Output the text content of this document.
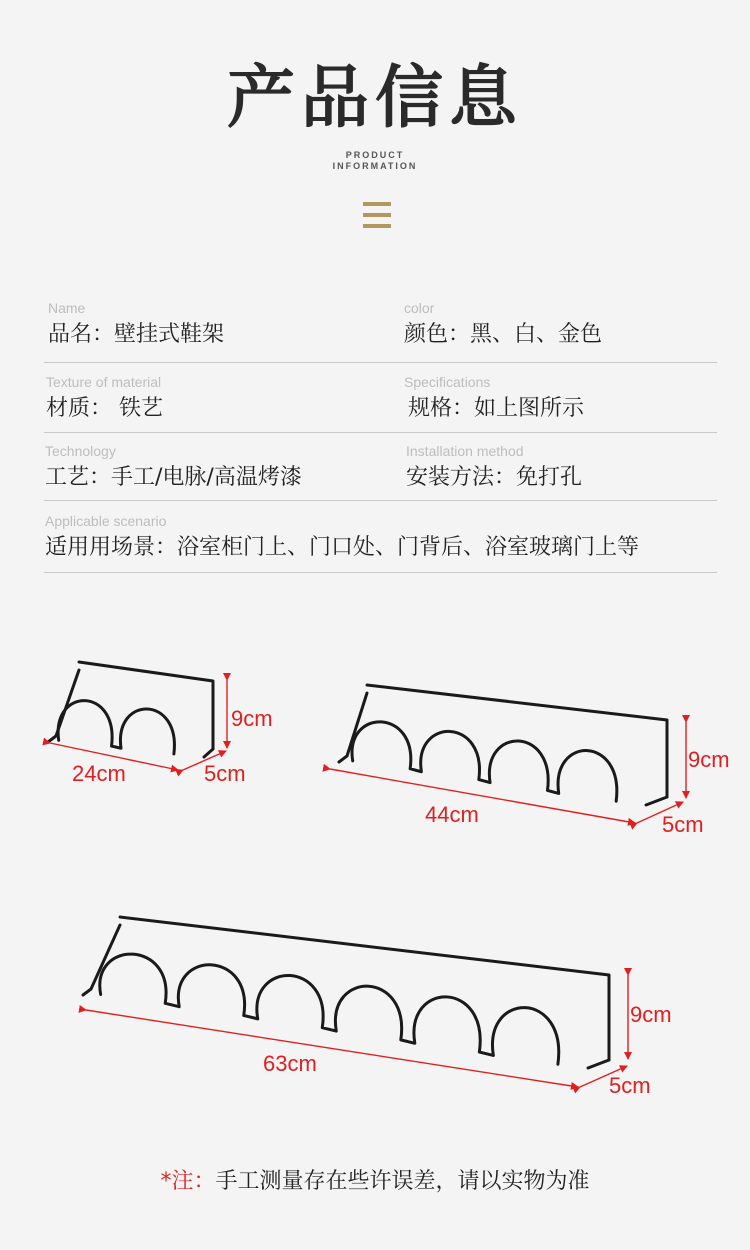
产品信息
PRODUCT
INFORMATION
Name
品名：壁挂式鞋架
color
颜色：黑、白、金色
Texture of material
材质： 铁艺
Specifications
规格：如上图所示
Technology
工艺：手工/电脉/高温烤漆
Installation method
安装方法：免打孔
Applicable scenario
适用用场景：浴室柜门上、门口处、门背后、浴室玻璃门上等
24cm	5cm
9cm
44cm	5cm
9cm
63cm
5cm
9cm
*注：手工测量存在些许误差，请以实物为准
